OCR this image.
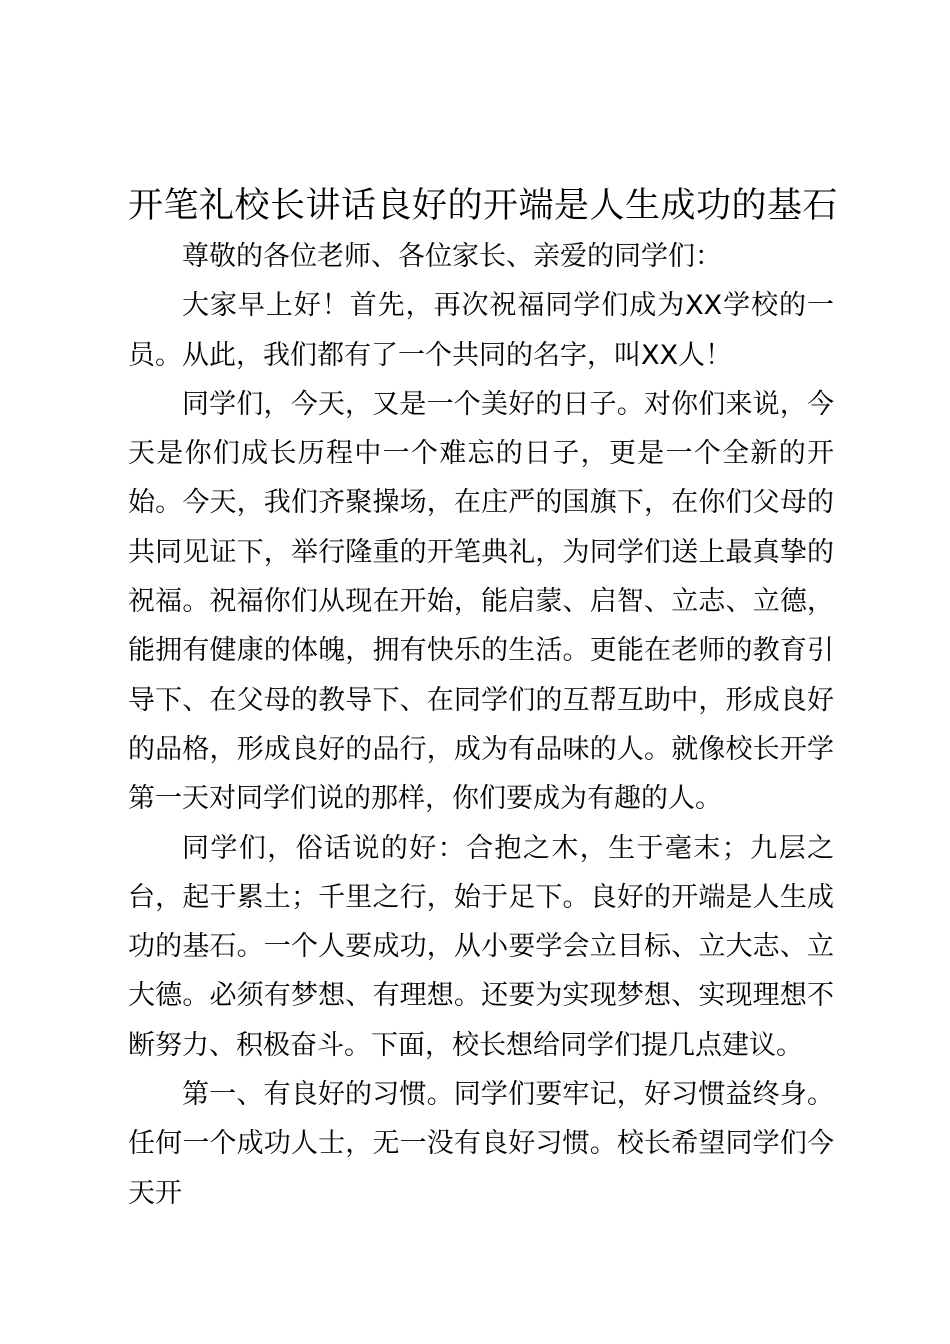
开笔礼校长讲话良好的开端是人生成功的基石

尊敬的各位老师、各位家长、亲爱的同学们：

大家早上好！首先，再次祝福同学们成为XX学校的一员。从此，我们都有了一个共同的名字，叫XX人！

同学们，今天，又是一个美好的日子。对你们来说，今天是你们成长历程中一个难忘的日子，更是一个全新的开始。今天，我们齐聚操场，在庄严的国旗下，在你们父母的共同见证下，举行隆重的开笔典礼，为同学们送上最真挚的祝福。祝福你们从现在开始，能启蒙、启智、立志、立德，能拥有健康的体魄，拥有快乐的生活。更能在老师的教育引导下、在父母的教导下、在同学们的互帮互助中，形成良好的品格，形成良好的品行，成为有品味的人。就像校长开学第一天对同学们说的那样，你们要成为有趣的人。

同学们，俗话说的好：合抱之木，生于毫末；九层之台，起于累土；千里之行，始于足下。良好的开端是人生成功的基石。一个人要成功，从小要学会立目标、立大志、立大德。必须有梦想、有理想。还要为实现梦想、实现理想不断努力、积极奋斗。下面，校长想给同学们提几点建议。

第一、有良好的习惯。同学们要牢记，好习惯益终身。任何一个成功人士，无一没有良好习惯。校长希望同学们今天开
